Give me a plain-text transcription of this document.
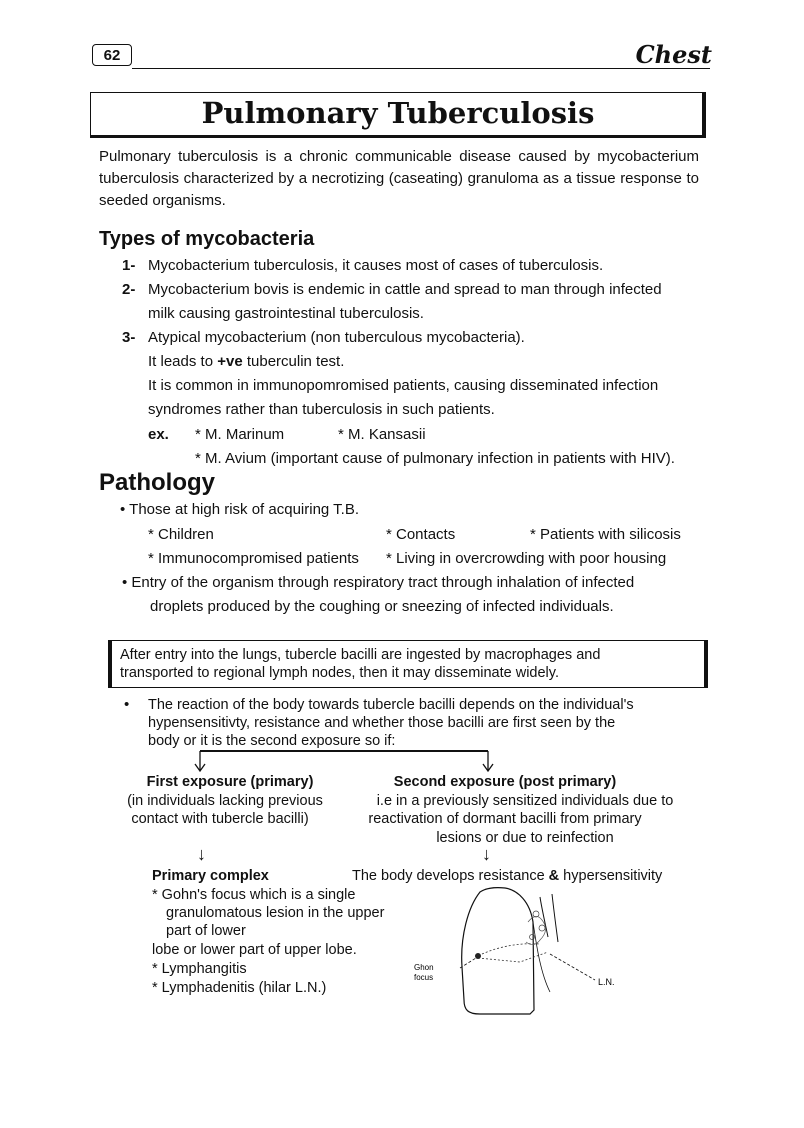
62	Chest
Pulmonary Tuberculosis
Pulmonary tuberculosis is a chronic communicable disease caused by mycobacterium tuberculosis characterized by a necrotizing (caseating) granuloma as a tissue response to seeded organisms.
Types of mycobacteria
1- Mycobacterium tuberculosis, it causes most of cases of tuberculosis.
2- Mycobacterium bovis is endemic in cattle and spread to man through infected
milk causing gastrointestinal tuberculosis.
3- Atypical mycobacterium (non tuberculous mycobacteria).
It leads to +ve tuberculin test.
It is common in immunopomromised patients, causing disseminated infection
syndromes rather than tuberculosis in such patients.
ex. * M. Marinum	* M. Kansasii
* M. Avium (important cause of pulmonary infection in patients with HIV).
Pathology
• Those at high risk of acquiring T.B.
* Children	* Contacts	* Patients with silicosis
* Immunocompromised patients * Living in overcrowding with poor housing
• Entry of the organism through respiratory tract through inhalation of infected
droplets produced by the coughing or sneezing of infected individuals.
After entry into the lungs, tubercle bacilli are ingested by macrophages and
transported to regional lymph nodes, then it may disseminate widely.
• The reaction of the body towards tubercle bacilli depends on the individual's
hypensensitivty, resistance and whether those bacilli are first seen by the
body or it is the second exposure so if:
First exposure (primary)
(in individuals lacking previous
contact with tubercle bacilli)
Second exposure (post primary)
i.e in a previously sensitized individuals due to
reactivation of dormant bacilli from primary
lesions or due to reinfection
↓	↓
Primary complex	The body develops resistance & hypersensitivity
* Gohn's focus which is a single
granulomatous lesion in the upper
part of lower
lobe or lower part of upper lobe.
* Lymphangitis
* Lymphadenitis (hilar L.N.)
Ghon
focus	L.N.
